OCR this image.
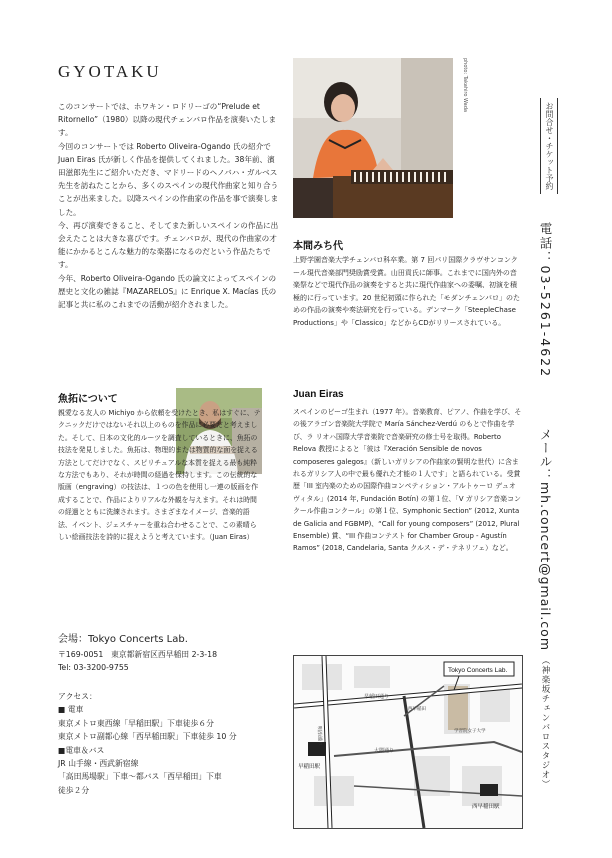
GYOTAKU

このコンサートでは、ホワキン・ロドリーゴの“Prelude et Ritornello”（1980）以降の現代チェンバロ作品を演奏いたします。

今回のコンサートでは Roberto Oliveira-Ogando 氏の紹介で Juan Eiras 氏が新しく作品を提供してくれました。38年前、濱田滋郎先生にご紹介いただき、マドリードのヘノバハ・ガルベス先生を訪ねたことから、多くのスペインの現代作曲家と知り合うことが出来ました。以降スペインの作曲家の作品を事で演奏しました。

今、再び演奏できること、そしてまた新しいスペインの作品に出会えたことは大きな喜びです。チェンバロが、現代の作曲家の才能にかかるとこんな魅力的な楽器になるのだという作品たちです。

今年、Roberto Oliveira-Ogando 氏の論文によってスペインの歴史と文化の雑誌『MAZARELOS』に Enrique X. Macías 氏の記事と共に私のこれまでの活動が紹介されました。

photo: Takahiro Wada
本間みち代

上野学園音楽大学チェンバロ科卒業。第 7 回パリ国際クラヴサンコンクール現代音楽部門奨励賞受賞。山田貢氏に師事。これまでに国内外の音楽祭などで現代作品の演奏をすると共に現代作曲家への委嘱、初演を積極的に行っています。20 世紀初頭に作られた「モダンチェンバロ」のための作品の演奏や奏法研究を行っている。デンマーク「SteepleChase Productions」や「Classico」などからCDがリリースされている。

魚拓について
親愛なる友人の Michiyo から依頼を受けたとき、私はすぐに、テクニックだけではないそれ以上のものを作品に必要だと考えました。そして、日本の文化的ルーツを調査しているときに、魚拓の技法を発見しました。魚拓は、物理的または物質的な面を捉える方法としてだけでなく、スピリチュアルな本質を捉える最も純粋な方法でもあり、それが時間の経過を保持します。この伝統的な版画（engraving）の技法は、１つの色を使用し一連の版画を作成することで、作品によりリアルな外観を与えます。それは時間の経過とともに洗練されます。さまざまなイメージ、音楽的語法、イベント、ジェスチャーを重ね合わせることで、この素晴らしい絵画技法を詩的に捉えようと考えています。（Juan Eiras）
Juan Eiras
スペインのビーゴ生まれ（1977 年）。音楽教育、ピアノ、作曲を学び、その後アラゴン音楽院大学院で María Sánchez-Verdú のもとで作曲を学び、ラ リオハ国際大学音楽院で音楽研究の修士号を取得。Roberto Relova 教授によると「彼は『Xeración Sensible de novos composeres galegos』（新しいガリシアの作曲家の賢明な世代）に含まれるガリシア人の中で最も優れた才能の１人です」と語られている。受賞歴「III 室内楽のための国際作曲コンペティション・アルトゥーロ デュオ ヴィタル」(2014 年, Fundación Botín) の第１位、「V ガリシア音楽コンクール作曲コンクール」の第１位、Symphonic Section” (2012, Xunta de Galicia and FGBMP)、“Call for young composers” (2012, Plural Ensemble) 賞、“III 作曲コンテスト for Chamber Group - Agustín Ramos” (2018, Candelaria, Santa クルス・デ・テネリフェ）など。
会場：Tokyo Concerts Lab.
〒169-0051　東京都新宿区西早稲田 2-3-18
Tel: 03-3200-9755
アクセス：
■ 電車
東京メトロ東西線「早稲田駅」下車徒歩６分
東京メトロ副都心線「西早稲田駅」下車徒歩 10 分
■電車＆バス
JR 山手線・西武新宿線
「高田馬場駅」下車～都バス「西早稲田」下車
徒歩２分
Tokyo Concerts Lab.
早稲田通り
明治通り
早稲田駅
西早稲田駅
大隈通り
学習院女子大学
西早稲田
お問合せ・チケット予約
電話：03-5261-4622
メール：mh.concert@gmail.com
（神楽坂チェンバロスタジオ）
